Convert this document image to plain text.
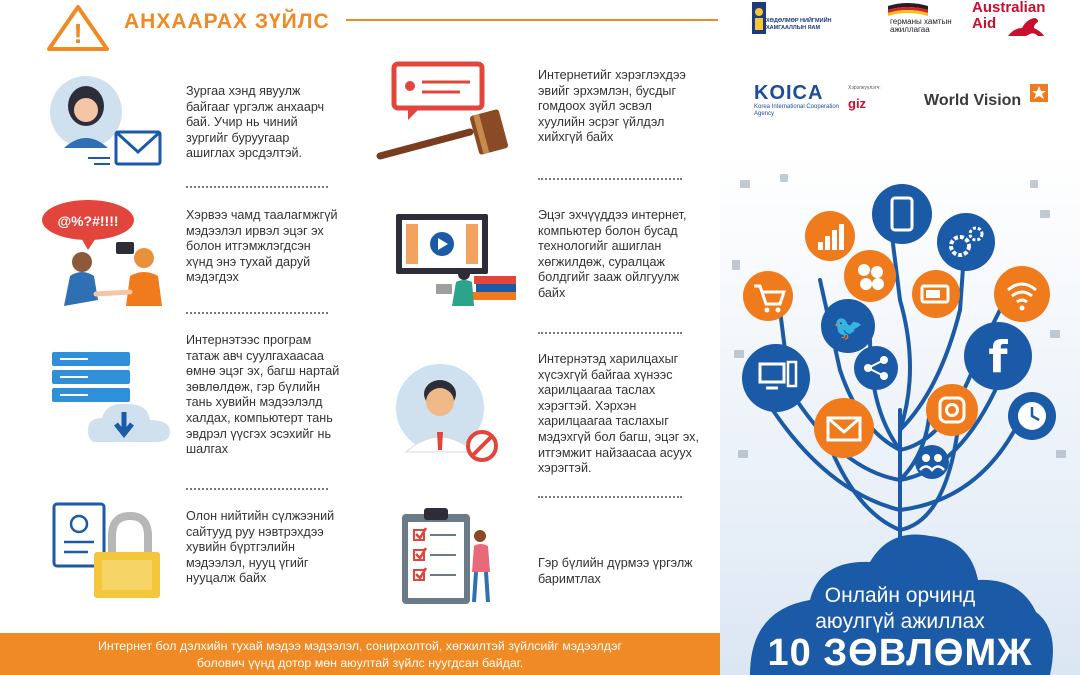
! АНХААРАХ ЗҮЙЛС
@%?#!!!!
Зургаа хэнд явуулж байгааг үргэлж анхаарч бай. Учир нь чиний зургийг буруугаар ашиглах эрсдэлтэй.
Хэрвээ чамд таалагмжгүй мэдээлэл ирвэл эцэг эх болон итгэмжлэгдсэн хүнд энэ тухай даруй мэдэгдэх
Интернэтээс програм татаж авч суулгахаасаа өмнө эцэг эх, багш нартай зөвлөлдөж, гэр бүлийн тань хувийн мэдээлэлд халдах, компьютерт тань эвдрэл үүсгэх эсэхийг нь шалгах
Олон нийтийн сүлжээний сайтууд руу нэвтрэхдээ хувийн бүртгэлийн мэдээлэл, нууц үгийг нууцалж байх
Интернетийг хэрэглэхдээ эвийг эрхэмлэн, бусдыг гомдоох зүйл эсвэл хуулийн эсрэг үйлдэл хийхгүй байх
Эцэг эхчүүддээ интернет, компьютер болон бусад технологийг ашиглан хөгжилдөж, суралцаж болдгийг зааж ойлгуулж байх
Интернэтэд харилцахыг хүсэхгүй байгаа хүнээс харилцаагаа таслах хэрэгтэй. Хэрхэн харилцаагаа таслахыг мэдэхгүй бол багш, эцэг эх, итгэмжит найзаасаа асуух хэрэгтэй.
Гэр бүлийн дүрмээ үргэлж баримтлах
Интернет бол дэлхийн тухай мэдээ мэдээлэл, сонирхолтой, хөгжилтэй зүйлсийг мэдээлдэг
болович үүнд дотор мөн аюултай зүйлс нуугдсан байдаг.
ХӨДӨЛМӨР НИЙГМИЙН ХАМГААЛЛЫН ЯАМ
германы хамтын ажиллагаа
Australian
Aid
KOICA
Korea International Cooperation Agency
Хэрэгжүүлэгч:
giz	World Vision
🐦
f
Онлайн орчинд
аюулгүй ажиллах
10 ЗӨВЛӨМЖ
